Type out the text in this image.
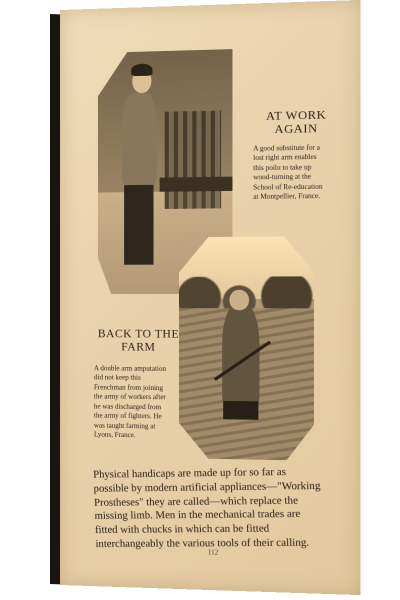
AT WORK
AGAIN
A good substitute for a lost right arm enables this poilu to take up wood-turning at the School of Re-education at Montpellier, France.
BACK TO THE
FARM
A double arm amputation did not keep this Frenchman from joining the army of workers after he was discharged from the army of fighters. He was taught farming at Lyons, France.
Physical handicaps are made up for so far as possible by modern artificial appliances—"Working Prostheses" they are called—which replace the missing limb. Men in the mechanical trades are fitted with chucks in which can be fitted interchangeably the various tools of their calling.
112
